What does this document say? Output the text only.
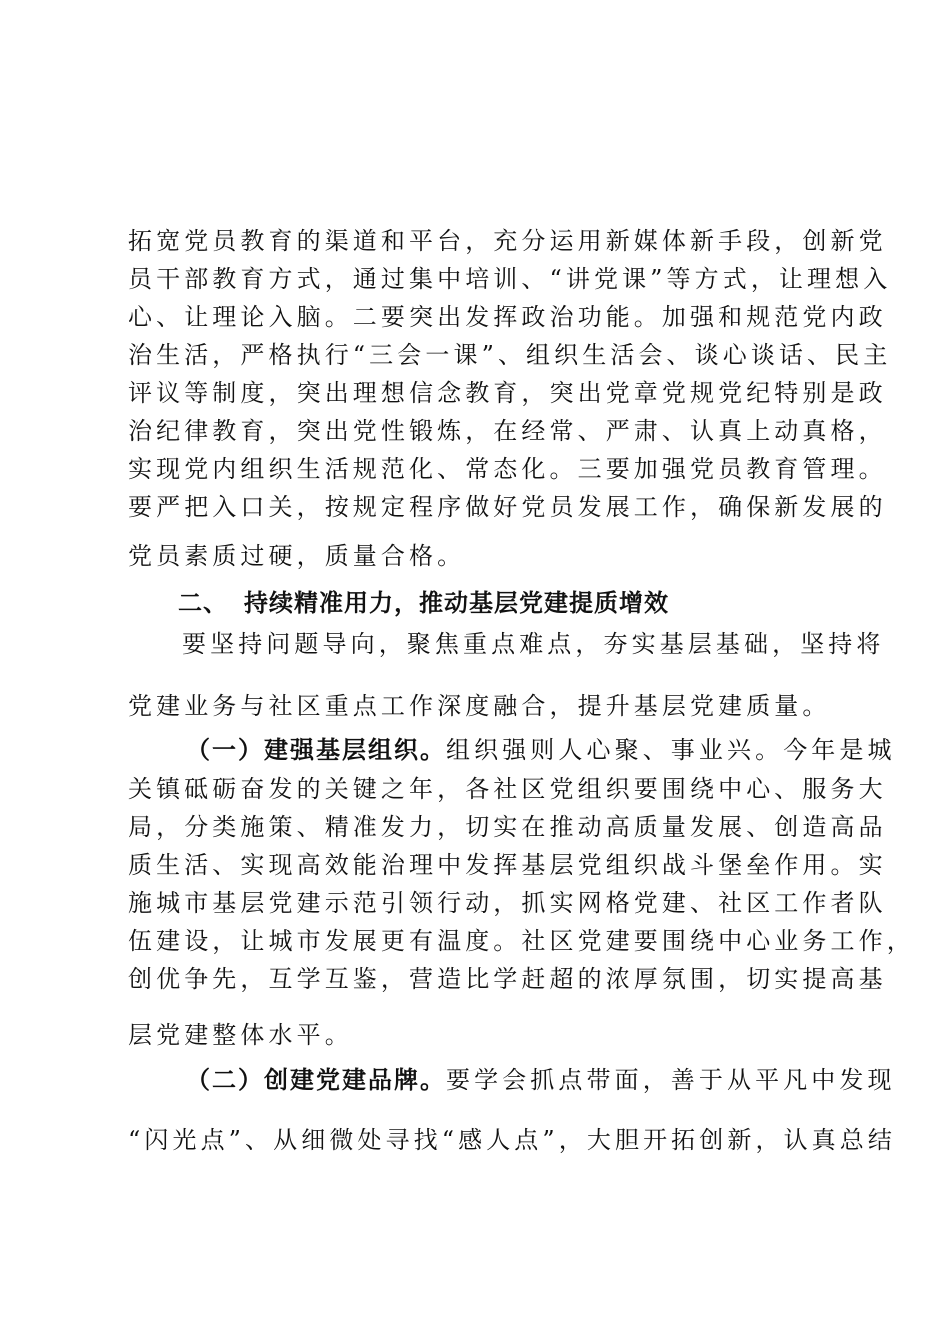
拓宽党员教育的渠道和平台，充分运用新媒体新手段，创新党
员干部教育方式，通过集中培训、“讲党课”等方式，让理想入
心、让理论入脑。二要突出发挥政治功能。加强和规范党内政
治生活，严格执行“三会一课”、组织生活会、谈心谈话、民主
评议等制度，突出理想信念教育，突出党章党规党纪特别是政
治纪律教育，突出党性锻炼，在经常、严肃、认真上动真格，
实现党内组织生活规范化、常态化。三要加强党员教育管理。
要严把入口关，按规定程序做好党员发展工作，确保新发展的
党员素质过硬，质量合格。
二、 持续精准用力，推动基层党建提质增效
要坚持问题导向，聚焦重点难点，夯实基层基础，坚持将
党建业务与社区重点工作深度融合，提升基层党建质量。
（一）建强基层组织。组织强则人心聚、事业兴。今年是城
关镇砥砺奋发的关键之年，各社区党组织要围绕中心、服务大
局，分类施策、精准发力，切实在推动高质量发展、创造高品
质生活、实现高效能治理中发挥基层党组织战斗堡垒作用。实
施城市基层党建示范引领行动，抓实网格党建、社区工作者队
伍建设，让城市发展更有温度。社区党建要围绕中心业务工作，
创优争先，互学互鉴，营造比学赶超的浓厚氛围，切实提高基
层党建整体水平。
（二）创建党建品牌。要学会抓点带面，善于从平凡中发现
“闪光点”、从细微处寻找“感人点”，大胆开拓创新，认真总结
